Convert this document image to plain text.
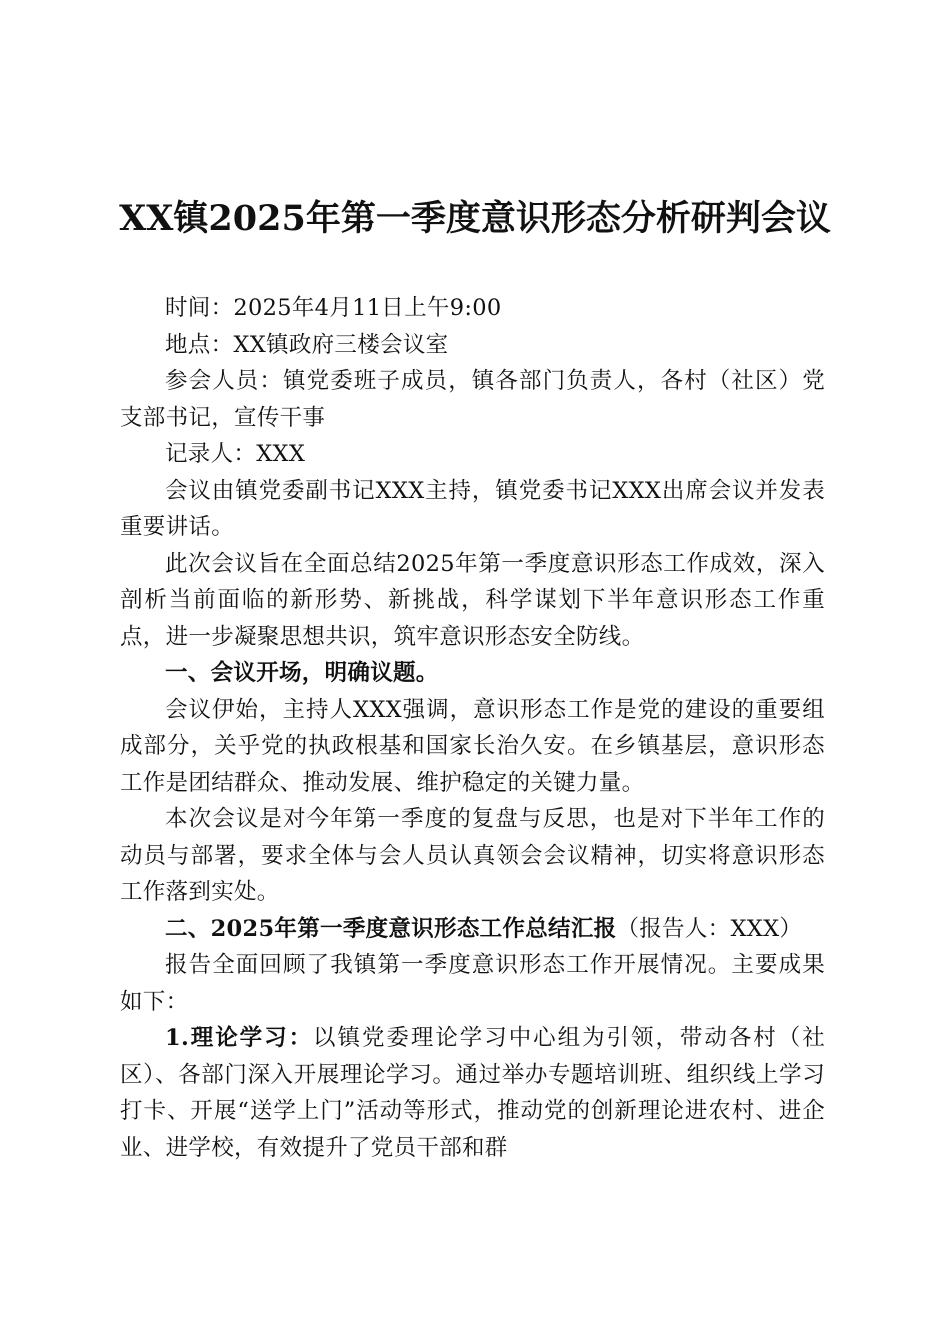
XX镇2025年第一季度意识形态分析研判会议

时间：2025年4月11日上午9:00

地点：XX镇政府三楼会议室

参会人员：镇党委班子成员，镇各部门负责人，各村（社区）党支部书记，宣传干事

记录人：XXX

会议由镇党委副书记XXX主持，镇党委书记XXX出席会议并发表重要讲话。

此次会议旨在全面总结2025年第一季度意识形态工作成效，深入剖析当前面临的新形势、新挑战，科学谋划下半年意识形态工作重点，进一步凝聚思想共识，筑牢意识形态安全防线。

一、会议开场，明确议题。

会议伊始，主持人XXX强调，意识形态工作是党的建设的重要组成部分，关乎党的执政根基和国家长治久安。在乡镇基层，意识形态工作是团结群众、推动发展、维护稳定的关键力量。

本次会议是对今年第一季度的复盘与反思，也是对下半年工作的动员与部署，要求全体与会人员认真领会会议精神，切实将意识形态工作落到实处。

二、2025年第一季度意识形态工作总结汇报（报告人：XXX）

报告全面回顾了我镇第一季度意识形态工作开展情况。主要成果如下：

1.理论学习：以镇党委理论学习中心组为引领，带动各村（社区）、各部门深入开展理论学习。通过举办专题培训班、组织线上学习打卡、开展“送学上门”活动等形式，推动党的创新理论进农村、进企业、进学校，有效提升了党员干部和群
